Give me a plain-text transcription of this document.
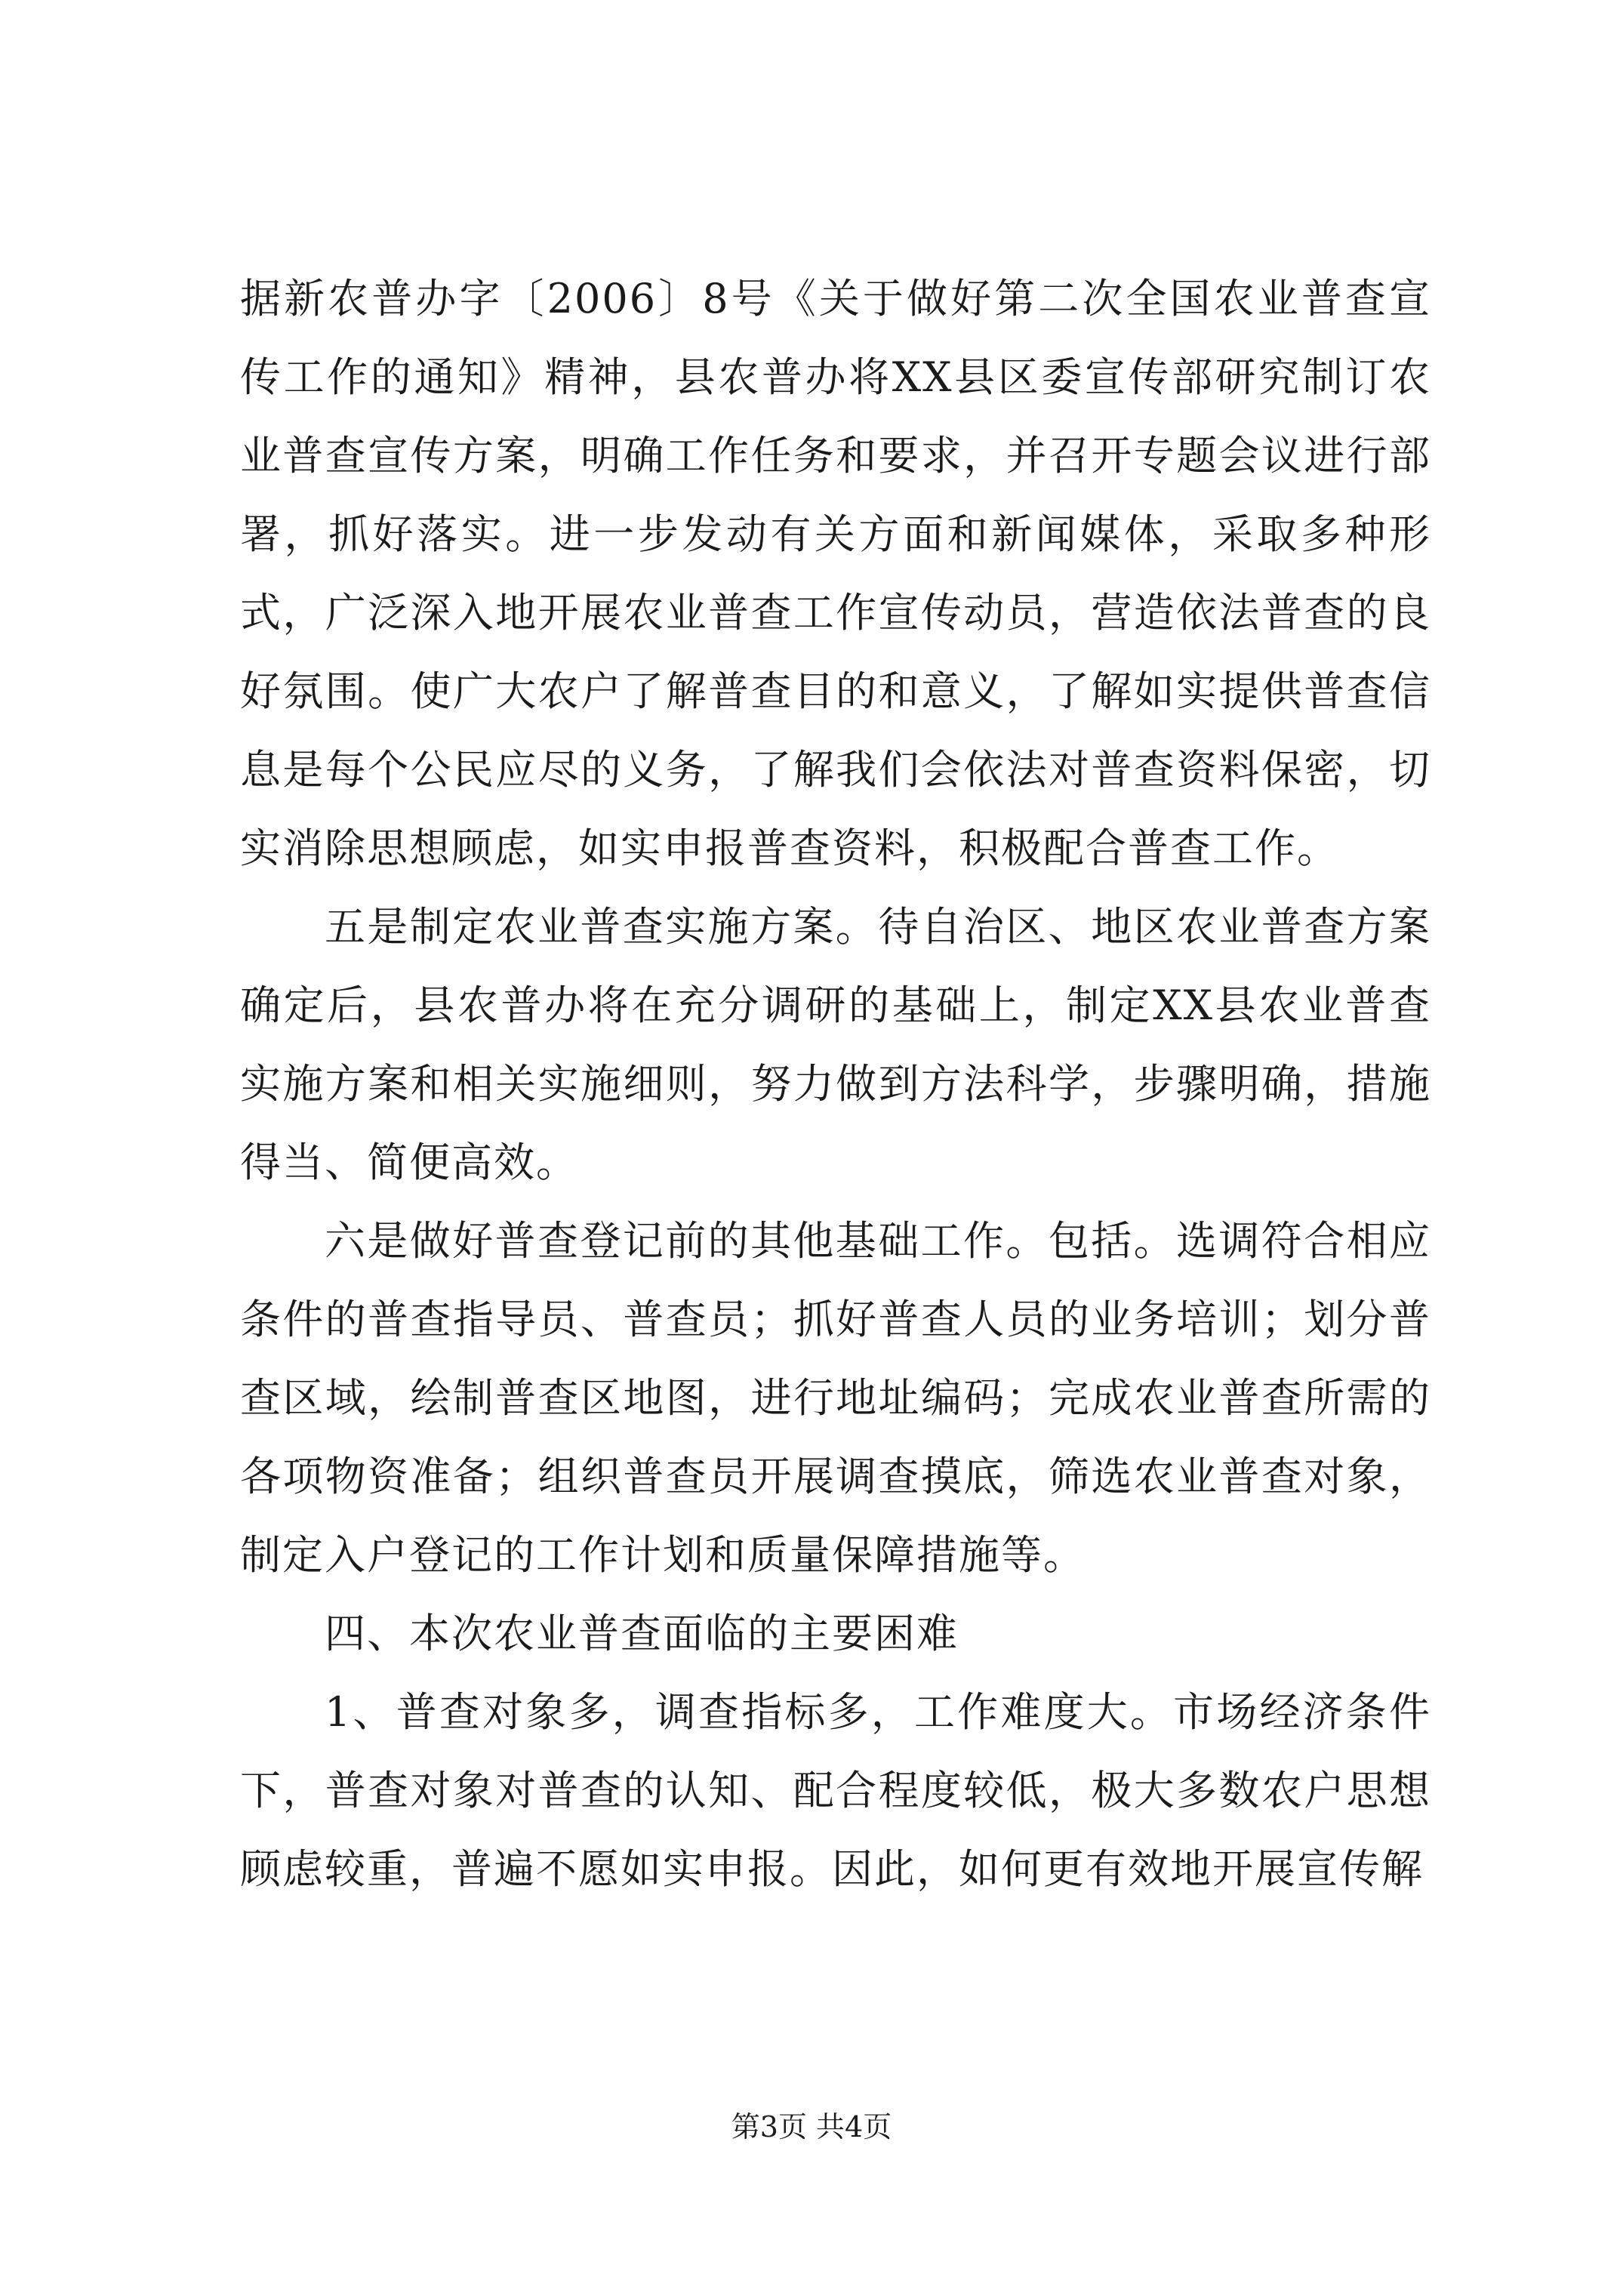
据新农普办字〔2006〕8号《关于做好第二次全国农业普查宣传工作的通知》精神，县农普办将XX县区委宣传部研究制订农业普查宣传方案，明确工作任务和要求，并召开专题会议进行部署，抓好落实。进一步发动有关方面和新闻媒体，采取多种形式，广泛深入地开展农业普查工作宣传动员，营造依法普查的良好氛围。使广大农户了解普查目的和意义，了解如实提供普查信息是每个公民应尽的义务，了解我们会依法对普查资料保密，切实消除思想顾虑，如实申报普查资料，积极配合普查工作。

五是制定农业普查实施方案。待自治区、地区农业普查方案确定后，县农普办将在充分调研的基础上，制定XX县农业普查实施方案和相关实施细则，努力做到方法科学，步骤明确，措施得当、简便高效。

六是做好普查登记前的其他基础工作。包括。选调符合相应条件的普查指导员、普查员；抓好普查人员的业务培训；划分普查区域，绘制普查区地图，进行地址编码；完成农业普查所需的各项物资准备；组织普查员开展调查摸底，筛选农业普查对象，制定入户登记的工作计划和质量保障措施等。

四、本次农业普查面临的主要困难

1、普查对象多，调查指标多，工作难度大。市场经济条件下，普查对象对普查的认知、配合程度较低，极大多数农户思想顾虑较重，普遍不愿如实申报。因此，如何更有效地开展宣传解

第3页 共4页
